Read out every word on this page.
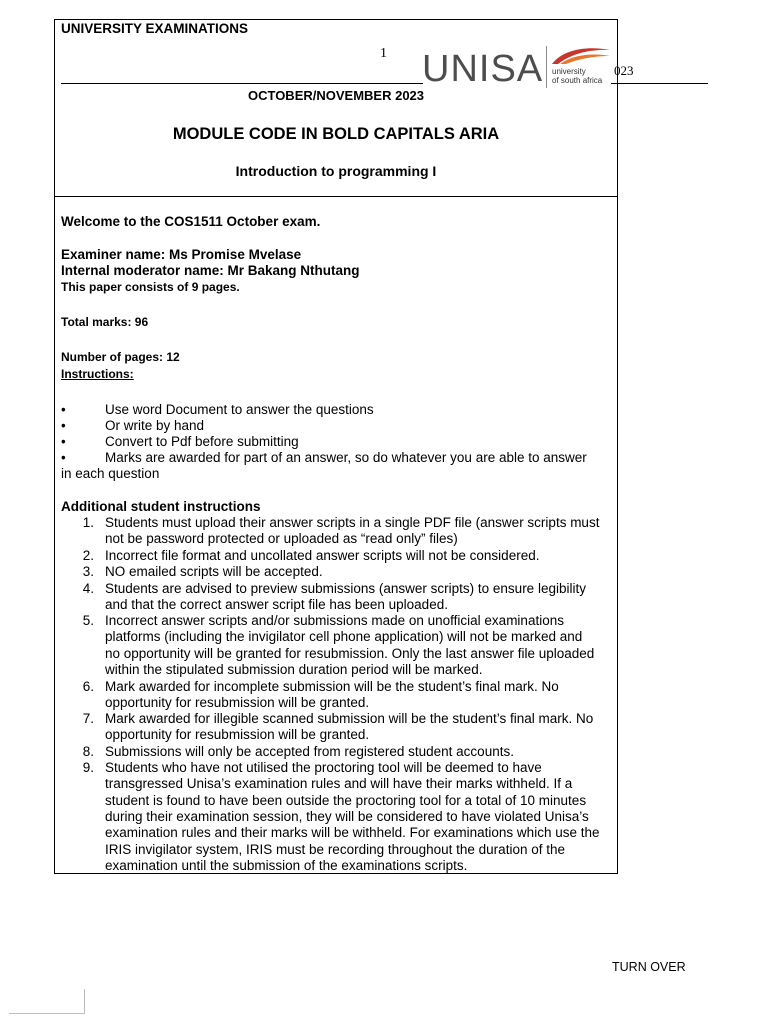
UNIVERSITY EXAMINATIONS
1 UNISA university
of south africa
023
OCTOBER/NOVEMBER 2023
MODULE CODE IN BOLD CAPITALS ARIA
Introduction to programming I
Welcome to the COS1511 October exam.
Examiner name: Ms Promise Mvelase
Internal moderator name: Mr Bakang Nthutang
This paper consists of 9 pages.
Total marks: 96
Number of pages: 12
Instructions:
•	Use word Document to answer the questions
•	Or write by hand
•	Convert to Pdf before submitting
•	Marks are awarded for part of an answer, so do whatever you are able to answer
in each question
Additional student instructions
1. Students must upload their answer scripts in a single PDF file (answer scripts must
not be password protected or uploaded as “read only” files)
2. Incorrect file format and uncollated answer scripts will not be considered.
3. NO emailed scripts will be accepted.
4. Students are advised to preview submissions (answer scripts) to ensure legibility
and that the correct answer script file has been uploaded.
5. Incorrect answer scripts and/or submissions made on unofficial examinations
platforms (including the invigilator cell phone application) will not be marked and
no opportunity will be granted for resubmission. Only the last answer file uploaded
within the stipulated submission duration period will be marked.
6. Mark awarded for incomplete submission will be the student’s final mark. No
opportunity for resubmission will be granted.
7. Mark awarded for illegible scanned submission will be the student’s final mark. No
opportunity for resubmission will be granted.
8. Submissions will only be accepted from registered student accounts.
9. Students who have not utilised the proctoring tool will be deemed to have
transgressed Unisa’s examination rules and will have their marks withheld. If a
student is found to have been outside the proctoring tool for a total of 10 minutes
during their examination session, they will be considered to have violated Unisa’s
examination rules and their marks will be withheld. For examinations which use the
IRIS invigilator system, IRIS must be recording throughout the duration of the
examination until the submission of the examinations scripts.
TURN OVER
